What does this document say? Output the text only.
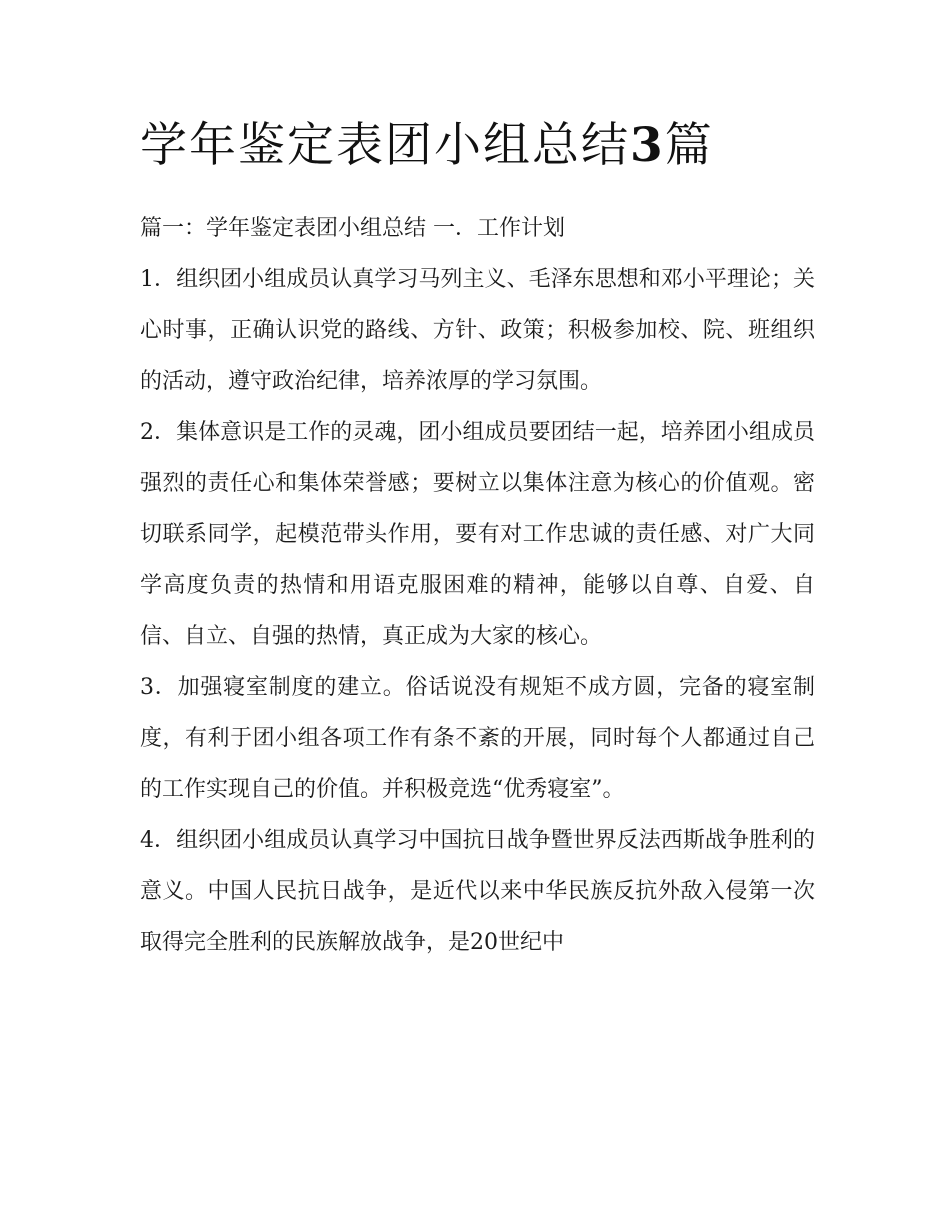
学年鉴定表团小组总结3篇

篇一：学年鉴定表团小组总结 一．工作计划

1．组织团小组成员认真学习马列主义、毛泽东思想和邓小平理论；关心时事，正确认识党的路线、方针、政策；积极参加校、院、班组织的活动，遵守政治纪律，培养浓厚的学习氛围。

2．集体意识是工作的灵魂，团小组成员要团结一起，培养团小组成员强烈的责任心和集体荣誉感；要树立以集体注意为核心的价值观。密切联系同学，起模范带头作用，要有对工作忠诚的责任感、对广大同学高度负责的热情和用语克服困难的精神，能够以自尊、自爱、自信、自立、自强的热情，真正成为大家的核心。

3．加强寝室制度的建立。俗话说没有规矩不成方圆，完备的寝室制度，有利于团小组各项工作有条不紊的开展，同时每个人都通过自己的工作实现自己的价值。并积极竞选“优秀寝室”。

4．组织团小组成员认真学习中国抗日战争暨世界反法西斯战争胜利的意义。中国人民抗日战争，是近代以来中华民族反抗外敌入侵第一次取得完全胜利的民族解放战争，是20世纪中
